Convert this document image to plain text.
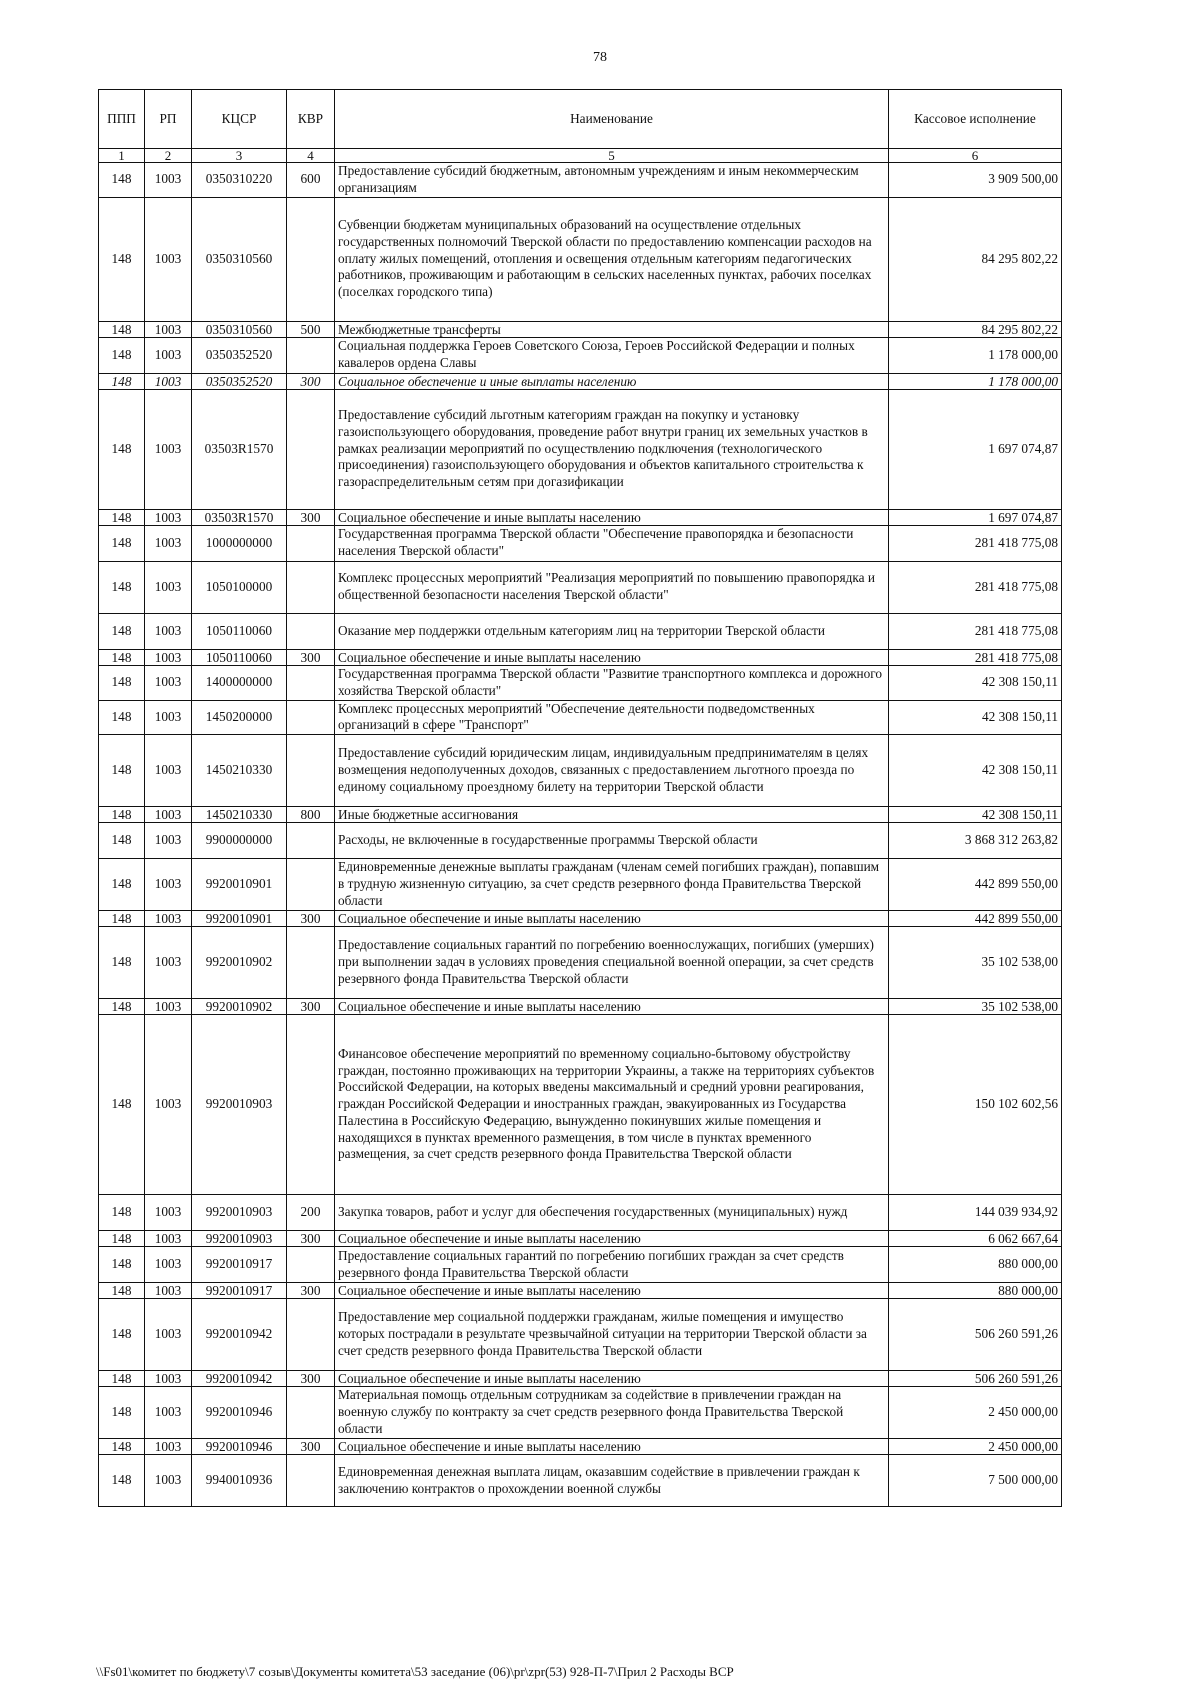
78
ППП	РП	КЦСР	КВР	Наименование	Кассовое исполнение
1	2	3	4	5	6
148	1003	0350310220	600	Предоставление субсидий бюджетным, автономным учреждениям и иным некоммерческим организациям	3 909 500,00
148	1003	0350310560		Субвенции бюджетам муниципальных образований на осуществление отдельных государственных полномочий Тверской области по предоставлению компенсации расходов на оплату жилых помещений, отопления и освещения отдельным категориям педагогических работников, проживающим и работающим в сельских населенных пунктах, рабочих поселках (поселках городского типа)	84 295 802,22
148	1003	0350310560	500	Межбюджетные трансферты	84 295 802,22
148	1003	0350352520		Социальная поддержка Героев Советского Союза, Героев Российской Федерации и полных кавалеров ордена Славы	1 178 000,00
148	1003	0350352520	300	Социальное обеспечение и иные выплаты населению	1 178 000,00
148	1003	03503R1570		Предоставление субсидий льготным категориям граждан на покупку и установку газоиспользующего оборудования, проведение работ внутри границ их земельных участков в рамках реализации мероприятий по осуществлению подключения (технологического присоединения) газоиспользующего оборудования и объектов капитального строительства к газораспределительным сетям при догазификации	1 697 074,87
148	1003	03503R1570	300	Социальное обеспечение и иные выплаты населению	1 697 074,87
148	1003	1000000000		Государственная программа Тверской области "Обеспечение правопорядка и безопасности населения Тверской области"	281 418 775,08
148	1003	1050100000		Комплекс процессных мероприятий "Реализация мероприятий по повышению правопорядка и общественной безопасности населения Тверской области"	281 418 775,08
148	1003	1050110060		Оказание мер поддержки отдельным категориям лиц на территории Тверской области	281 418 775,08
148	1003	1050110060	300	Социальное обеспечение и иные выплаты населению	281 418 775,08
148	1003	1400000000		Государственная программа Тверской области "Развитие транспортного комплекса и дорожного хозяйства Тверской области"	42 308 150,11
148	1003	1450200000		Комплекс процессных мероприятий "Обеспечение деятельности подведомственных организаций в сфере "Транспорт"	42 308 150,11
148	1003	1450210330		Предоставление субсидий юридическим лицам, индивидуальным предпринимателям в целях возмещения недополученных доходов, связанных с предоставлением льготного проезда по единому социальному проездному билету на территории Тверской области	42 308 150,11
148	1003	1450210330	800	Иные бюджетные ассигнования	42 308 150,11
148	1003	9900000000		Расходы, не включенные в государственные программы Тверской области	3 868 312 263,82
148	1003	9920010901		Единовременные денежные выплаты гражданам (членам семей погибших граждан), попавшим в трудную жизненную ситуацию, за счет средств резервного фонда Правительства Тверской области	442 899 550,00
148	1003	9920010901	300	Социальное обеспечение и иные выплаты населению	442 899 550,00
148	1003	9920010902		Предоставление социальных гарантий по погребению военнослужащих, погибших (умерших) при выполнении задач в условиях проведения специальной военной операции, за счет средств резервного фонда Правительства Тверской области	35 102 538,00
148	1003	9920010902	300	Социальное обеспечение и иные выплаты населению	35 102 538,00
148	1003	9920010903		Финансовое обеспечение мероприятий по временному социально-бытовому обустройству граждан, постоянно проживающих на территории Украины, а также на территориях субъектов Российской Федерации, на которых введены максимальный и средний уровни реагирования, граждан Российской Федерации и иностранных граждан, эвакуированных из Государства Палестина в Российскую Федерацию, вынужденно покинувших жилые помещения и находящихся в пунктах временного размещения, в том числе в пунктах временного размещения, за счет средств резервного фонда Правительства Тверской области	150 102 602,56
148	1003	9920010903	200	Закупка товаров, работ и услуг для обеспечения государственных (муниципальных) нужд	144 039 934,92
148	1003	9920010903	300	Социальное обеспечение и иные выплаты населению	6 062 667,64
148	1003	9920010917		Предоставление социальных гарантий по погребению погибших граждан за счет средств резервного фонда Правительства Тверской области	880 000,00
148	1003	9920010917	300	Социальное обеспечение и иные выплаты населению	880 000,00
148	1003	9920010942		Предоставление мер социальной поддержки гражданам, жилые помещения и имущество которых пострадали в результате чрезвычайной ситуации на территории Тверской области за счет средств резервного фонда Правительства Тверской области	506 260 591,26
148	1003	9920010942	300	Социальное обеспечение и иные выплаты населению	506 260 591,26
148	1003	9920010946		Материальная помощь отдельным сотрудникам за содействие в привлечении граждан на военную службу по контракту за счет средств резервного фонда Правительства Тверской области	2 450 000,00
148	1003	9920010946	300	Социальное обеспечение и иные выплаты населению	2 450 000,00
148	1003	9940010936		Единовременная денежная выплата лицам, оказавшим содействие в привлечении граждан к заключению контрактов о прохождении военной службы	7 500 000,00
\\Fs01\комитет по бюджету\7 созыв\Документы комитета\53 заседание (06)\pr\zpr(53) 928-П-7\Прил 2 Расходы ВСР
